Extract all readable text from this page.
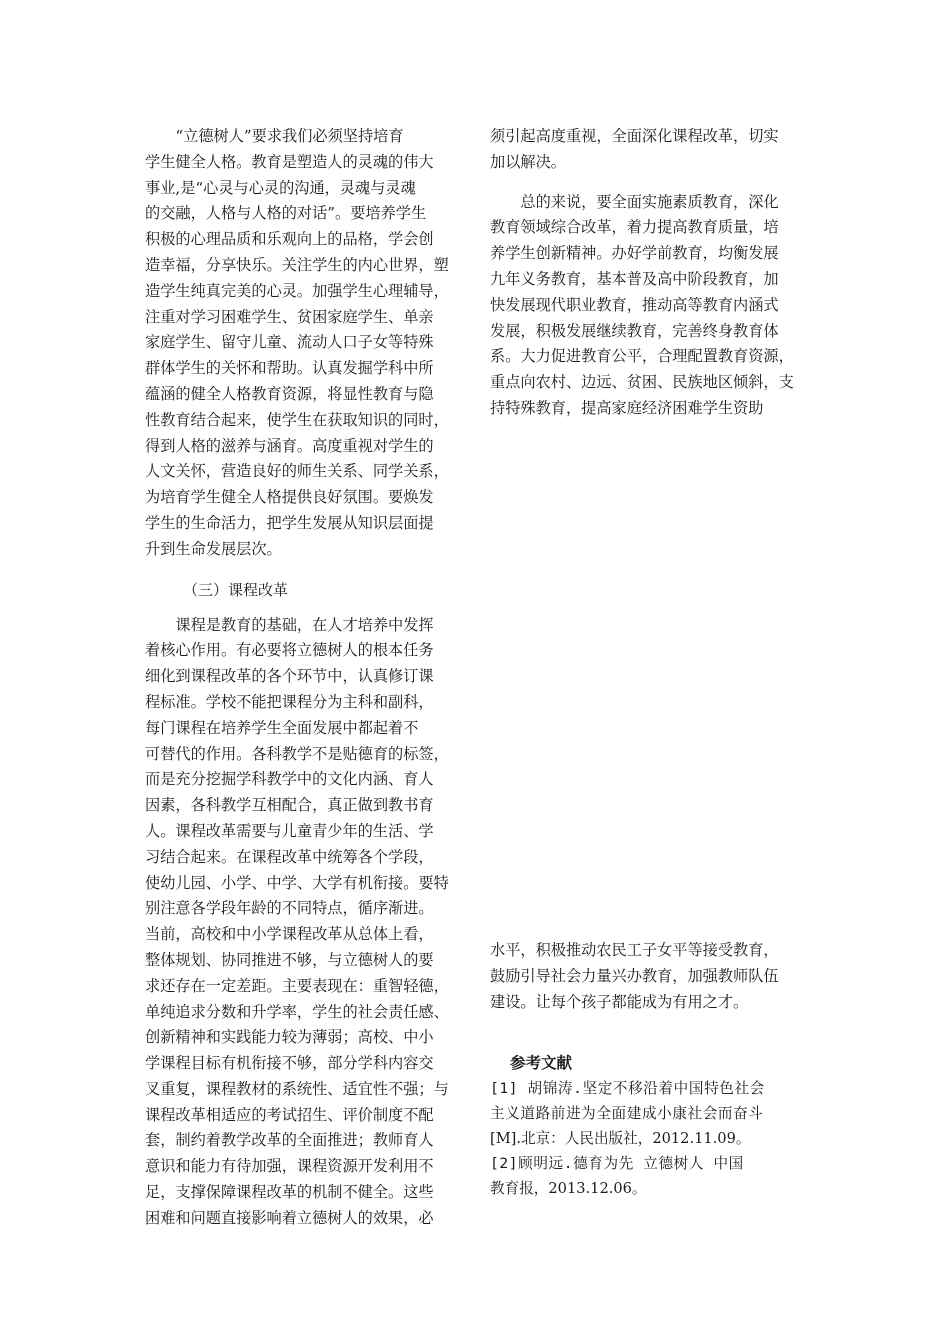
　　“立德树人”要求我们必须坚持培育
学生健全人格。教育是塑造人的灵魂的伟大
事业,是“心灵与心灵的沟通，灵魂与灵魂
的交融，人格与人格的对话”。要培养学生
积极的心理品质和乐观向上的品格，学会创
造幸福，分享快乐。关注学生的内心世界，塑
造学生纯真完美的心灵。加强学生心理辅导，
注重对学习困难学生、贫困家庭学生、单亲
家庭学生、留守儿童、流动人口子女等特殊
群体学生的关怀和帮助。认真发掘学科中所
蕴涵的健全人格教育资源，将显性教育与隐
性教育结合起来，使学生在获取知识的同时，
得到人格的滋养与涵育。高度重视对学生的
人文关怀，营造良好的师生关系、同学关系，
为培育学生健全人格提供良好氛围。要焕发
学生的生命活力，把学生发展从知识层面提
升到生命发展层次。
（三）课程改革
　　课程是教育的基础，在人才培养中发挥
着核心作用。有必要将立德树人的根本任务
细化到课程改革的各个环节中，认真修订课
程标准。学校不能把课程分为主科和副科，
每门课程在培养学生全面发展中都起着不
可替代的作用。各科教学不是贴德育的标签，
而是充分挖掘学科教学中的文化内涵、育人
因素，各科教学互相配合，真正做到教书育
人。课程改革需要与儿童青少年的生活、学
习结合起来。在课程改革中统筹各个学段，
使幼儿园、小学、中学、大学有机衔接。要特
别注意各学段年龄的不同特点，循序渐进。
当前，高校和中小学课程改革从总体上看，
整体规划、协同推进不够，与立德树人的要
求还存在一定差距。主要表现在：重智轻德，
单纯追求分数和升学率，学生的社会责任感、
创新精神和实践能力较为薄弱；高校、中小
学课程目标有机衔接不够，部分学科内容交
叉重复，课程教材的系统性、适宜性不强；与
课程改革相适应的考试招生、评价制度不配
套，制约着教学改革的全面推进；教师育人
意识和能力有待加强，课程资源开发利用不
足，支撑保障课程改革的机制不健全。这些
困难和问题直接影响着立德树人的效果，必
须引起高度重视，全面深化课程改革，切实
加以解决。
　　总的来说，要全面实施素质教育，深化
教育领域综合改革，着力提高教育质量，培
养学生创新精神。办好学前教育，均衡发展
九年义务教育，基本普及高中阶段教育，加
快发展现代职业教育，推动高等教育内涵式
发展，积极发展继续教育，完善终身教育体
系。大力促进教育公平，合理配置教育资源，
重点向农村、边远、贫困、民族地区倾斜，支
持特殊教育，提高家庭经济困难学生资助
水平，积极推动农民工子女平等接受教育，
鼓励引导社会力量兴办教育，加强教师队伍
建设。让每个孩子都能成为有用之才。
参考文献
[1] 胡锦涛.坚定不移沿着中国特色社会
主义道路前进为全面建成小康社会而奋斗
[M].北京：人民出版社，2012.11.09。
[2]顾明远.德育为先 立德树人 中国
教育报，2013.12.06。
